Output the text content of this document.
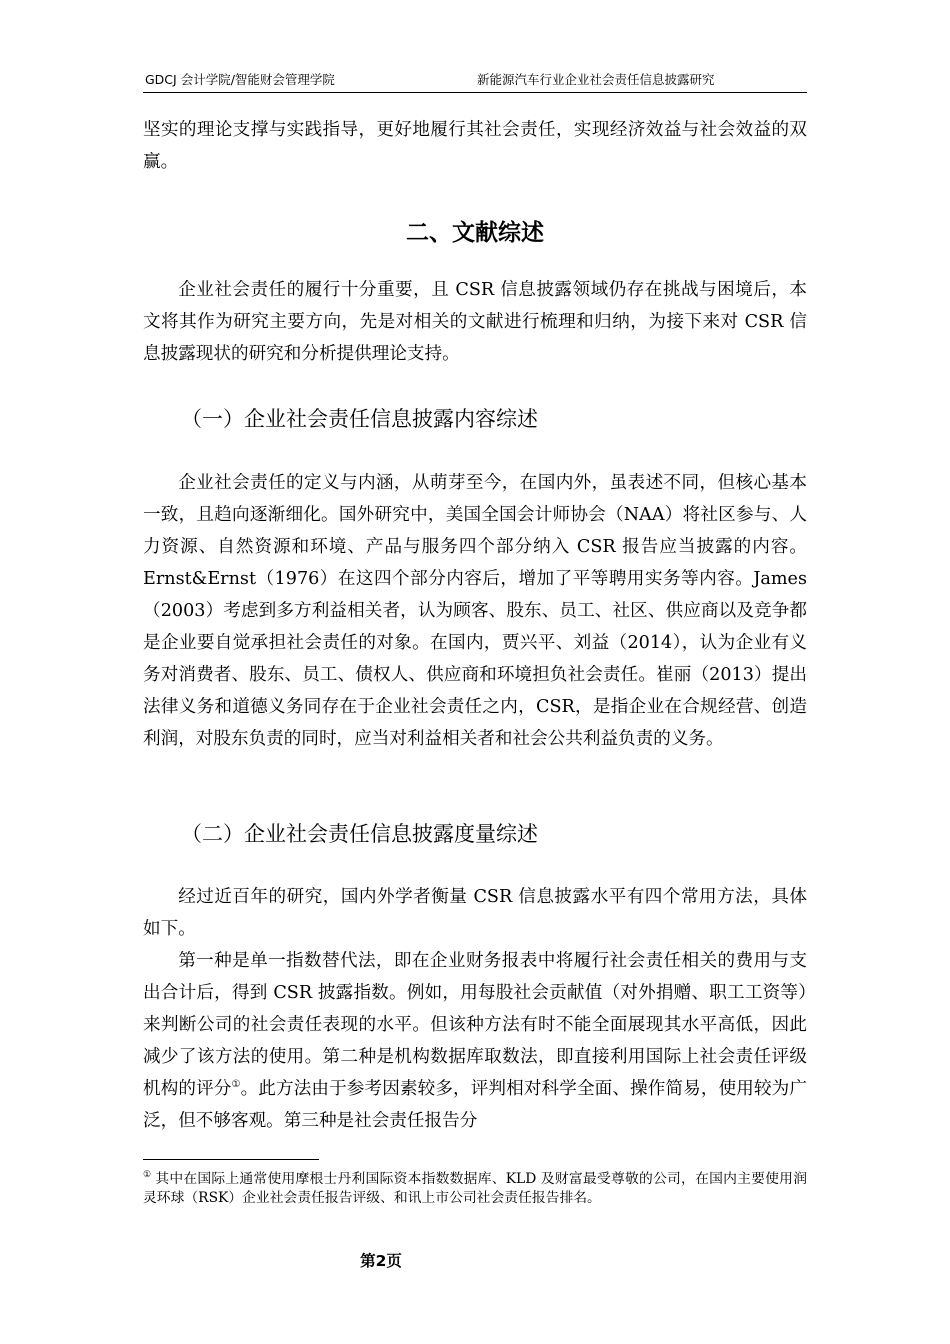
GDCJ 会计学院/智能财会管理学院	新能源汽车行业企业社会责任信息披露研究
坚实的理论支撑与实践指导，更好地履行其社会责任，实现经济效益与社会效益的双赢。
二、文献综述
企业社会责任的履行十分重要，且 CSR 信息披露领域仍存在挑战与困境后，本文将其作为研究主要方向，先是对相关的文献进行梳理和归纳，为接下来对 CSR 信息披露现状的研究和分析提供理论支持。
（一）企业社会责任信息披露内容综述
企业社会责任的定义与内涵，从萌芽至今，在国内外，虽表述不同，但核心基本一致，且趋向逐渐细化。国外研究中，美国全国会计师协会（NAA）将社区参与、人力资源、自然资源和环境、产品与服务四个部分纳入 CSR 报告应当披露的内容。Ernst&Ernst（1976）在这四个部分内容后，增加了平等聘用实务等内容。James（2003）考虑到多方利益相关者，认为顾客、股东、员工、社区、供应商以及竞争都是企业要自觉承担社会责任的对象。在国内，贾兴平、刘益（2014），认为企业有义务对消费者、股东、员工、债权人、供应商和环境担负社会责任。崔丽（2013）提出法律义务和道德义务同存在于企业社会责任之内，CSR，是指企业在合规经营、创造利润，对股东负责的同时，应当对利益相关者和社会公共利益负责的义务。
（二）企业社会责任信息披露度量综述
经过近百年的研究，国内外学者衡量 CSR 信息披露水平有四个常用方法，具体如下。
第一种是单一指数替代法，即在企业财务报表中将履行社会责任相关的费用与支出合计后，得到 CSR 披露指数。例如，用每股社会贡献值（对外捐赠、职工工资等）来判断公司的社会责任表现的水平。但该种方法有时不能全面展现其水平高低，因此减少了该方法的使用。第二种是机构数据库取数法，即直接利用国际上社会责任评级机构的评分①。此方法由于参考因素较多，评判相对科学全面、操作简易，使用较为广泛，但不够客观。第三种是社会责任报告分
① 其中在国际上通常使用摩根士丹利国际资本指数数据库、KLD 及财富最受尊敬的公司，在国内主要使用润灵环球（RSK）企业社会责任报告评级、和讯上市公司社会责任报告排名。
第2页
